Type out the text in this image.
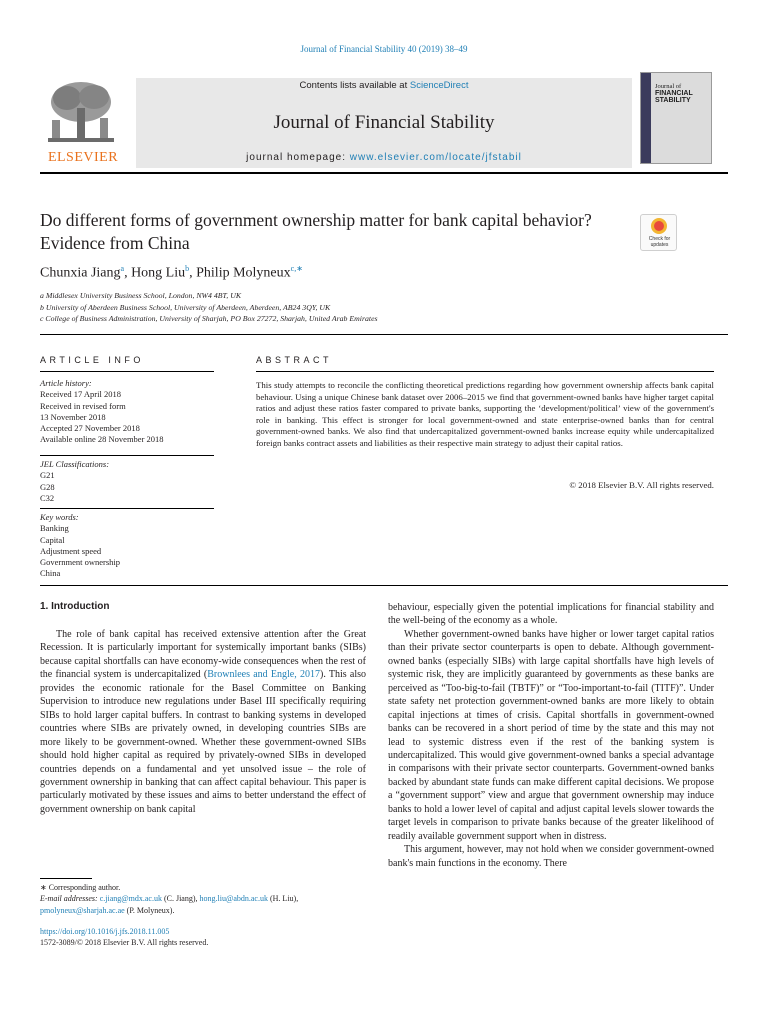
Journal of Financial Stability 40 (2019) 38–49
ELSEVIER
Contents lists available at ScienceDirect
Journal of Financial Stability
journal homepage: www.elsevier.com/locate/jfstabil
Journal of
FINANCIAL
STABILITY
Do different forms of government ownership matter for bank capital behavior? Evidence from China	Check for updates
Chunxia Jiang$^a$, Hong Liu$^b$, Philip Molyneux$^{c,∗}$
a Middlesex University Business School, London, NW4 4BT, UK
b University of Aberdeen Business School, University of Aberdeen, Aberdeen, AB24 3QY, UK
c College of Business Administration, University of Sharjah, PO Box 27272, Sharjah, United Arab Emirates
ARTICLE INFO	ABSTRACT
Article history:
Received 17 April 2018
Received in revised form
13 November 2018
Accepted 27 November 2018
Available online 28 November 2018
JEL Classifications:
G21
G28
C32
Key words:
Banking
Capital
Adjustment speed
Government ownership
China
This study attempts to reconcile the conflicting theoretical predictions regarding how government ownership affects bank capital behaviour. Using a unique Chinese bank dataset over 2006–2015 we find that government-owned banks have higher target capital ratios and adjust these ratios faster compared to private banks, supporting the ‘development/political’ view of the government's role in banking. This effect is stronger for local government-owned and state enterprise-owned banks than for central government-owned banks. We also find that undercapitalized government-owned banks increase equity while undercapitalized foreign banks contract assets and liabilities as their respective main strategy to adjust their capital ratios.
© 2018 Elsevier B.V. All rights reserved.
1. Introduction
The role of bank capital has received extensive attention after the Great Recession. It is particularly important for systemically important banks (SIBs) because capital shortfalls can have economy-wide consequences when the rest of the financial system is undercapitalized (Brownlees and Engle, 2017). This also provides the economic rationale for the Basel Committee on Banking Supervision to introduce new regulations under Basel III specifically requiring SIBs to hold larger capital buffers. In contrast to banking systems in developed countries where SIBs are privately owned, in developing countries SIBs are more likely to be government-owned. Whether these government-owned SIBs should hold higher capital as required by privately-owned SIBs in developed countries depends on a fundamental and yet unsolved issue – the role of government ownership in banking that can affect capital behaviour. This paper is particularly motivated by these issues and aims to better understand the effect of government ownership on bank capital
behaviour, especially given the potential implications for financial stability and the well-being of the economy as a whole.
Whether government-owned banks have higher or lower target capital ratios than their private sector counterparts is open to debate. Although government-owned banks (especially SIBs) with large capital shortfalls have high levels of systemic risk, they are implicitly guaranteed by governments as these banks are perceived as “Too-big-to-fail (TBTF)” or “Too-important-to-fail (TITF)”. Under state safety net protection government-owned banks are more likely to obtain capital injections at times of crisis. Capital shortfalls in government-owned banks can be recovered in a short period of time by the state and this may not lead to systemic distress even if the rest of the banking system is undercapitalized. This would give government-owned banks a special advantage in comparisons with their private sector counterparts. Government-owned banks backed by abundant state funds can make different capital decisions. We propose a “government support” view and argue that government ownership may induce banks to hold a lower level of capital and adjust capital levels slower towards the target levels in comparison to private banks because of the greater likelihood of readily available government support when in distress.
This argument, however, may not hold when we consider government-owned bank's main functions in the economy. There
∗ Corresponding author.
E-mail addresses: c.jiang@mdx.ac.uk (C. Jiang), hong.liu@abdn.ac.uk (H. Liu),
pmolyneux@sharjah.ac.ae (P. Molyneux).
https://doi.org/10.1016/j.jfs.2018.11.005
1572-3089/© 2018 Elsevier B.V. All rights reserved.
